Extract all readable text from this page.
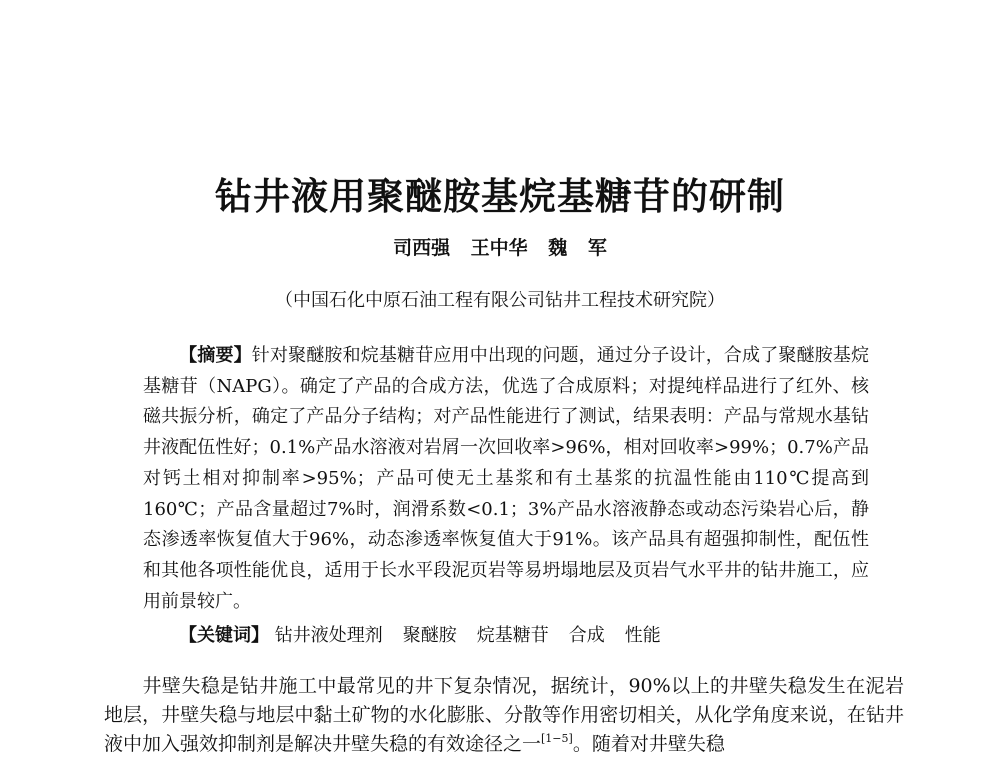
钻井液用聚醚胺基烷基糖苷的研制

司西强 王中华 魏 军

（中国石化中原石油工程有限公司钻井工程技术研究院）

【摘要】针对聚醚胺和烷基糖苷应用中出现的问题，通过分子设计，合成了聚醚胺基烷基糖苷（NAPG）。确定了产品的合成方法，优选了合成原料；对提纯样品进行了红外、核磁共振分析，确定了产品分子结构；对产品性能进行了测试，结果表明：产品与常规水基钻井液配伍性好；0.1%产品水溶液对岩屑一次回收率>96%，相对回收率>99%；0.7%产品对钙土相对抑制率>95%；产品可使无土基浆和有土基浆的抗温性能由110℃提高到160℃；产品含量超过7%时，润滑系数<0.1；3%产品水溶液静态或动态污染岩心后，静态渗透率恢复值大于96%，动态渗透率恢复值大于91%。该产品具有超强抑制性，配伍性和其他各项性能优良，适用于长水平段泥页岩等易坍塌地层及页岩气水平井的钻井施工，应用前景较广。

【关键词】 钻井液处理剂 聚醚胺 烷基糖苷 合成 性能

井壁失稳是钻井施工中最常见的井下复杂情况，据统计，90%以上的井壁失稳发生在泥岩地层，井壁失稳与地层中黏土矿物的水化膨胀、分散等作用密切相关，从化学角度来说，在钻井液中加入强效抑制剂是解决井壁失稳的有效途径之一[1−5]。随着对井壁失稳
